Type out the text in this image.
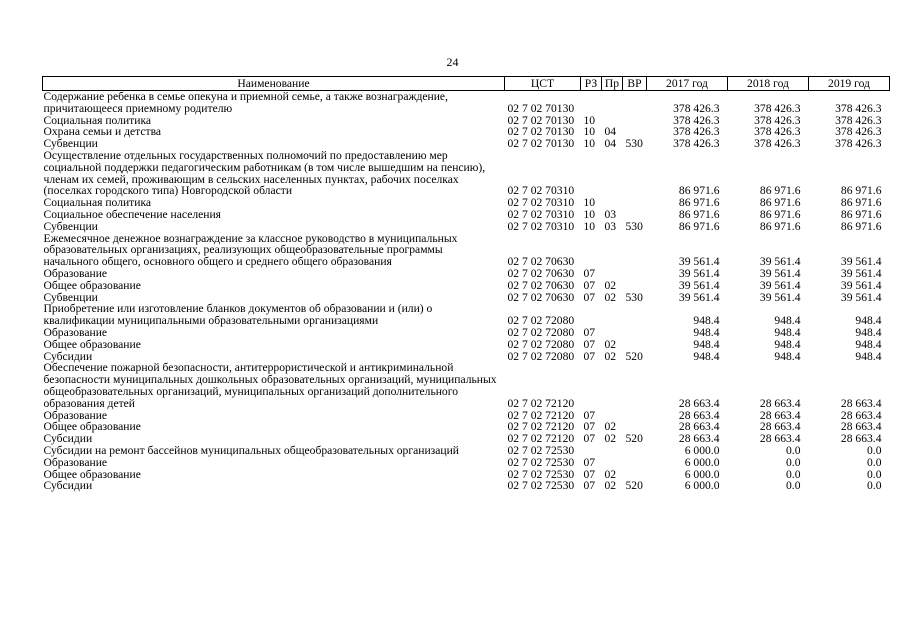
24
Наименование	ЦСТ	РЗ	Пр	ВР	2017 год	2018 год	2019 год
Содержание ребенка в семье опекуна и приемной семье, а также вознаграждение, причитающееся приемному родителю	02 7 02 70130				378 426.3	378 426.3	378 426.3
Социальная политика	02 7 02 70130	10			378 426.3	378 426.3	378 426.3
Охрана семьи и детства	02 7 02 70130	10	04		378 426.3	378 426.3	378 426.3
Субвенции	02 7 02 70130	10	04	530	378 426.3	378 426.3	378 426.3
Осуществление отдельных государственных полномочий по предоставлению мер социальной поддержки педагогическим работникам (в том числе вышедшим на пенсию), членам их семей, проживающим в сельских населенных пунктах, рабочих поселках (поселках городского типа) Новгородской области	02 7 02 70310				86 971.6	86 971.6	86 971.6
Социальная политика	02 7 02 70310	10			86 971.6	86 971.6	86 971.6
Социальное обеспечение населения	02 7 02 70310	10	03		86 971.6	86 971.6	86 971.6
Субвенции	02 7 02 70310	10	03	530	86 971.6	86 971.6	86 971.6
Ежемесячное денежное вознаграждение за классное руководство в муниципальных образовательных организациях, реализующих общеобразовательные программы начального общего, основного общего и среднего общего образования	02 7 02 70630				39 561.4	39 561.4	39 561.4
Образование	02 7 02 70630	07			39 561.4	39 561.4	39 561.4
Общее образование	02 7 02 70630	07	02		39 561.4	39 561.4	39 561.4
Субвенции	02 7 02 70630	07	02	530	39 561.4	39 561.4	39 561.4
Приобретение или изготовление бланков документов об образовании и (или) о квалификации муниципальными образовательными организациями	02 7 02 72080				948.4	948.4	948.4
Образование	02 7 02 72080	07			948.4	948.4	948.4
Общее образование	02 7 02 72080	07	02		948.4	948.4	948.4
Субсидии	02 7 02 72080	07	02	520	948.4	948.4	948.4
Обеспечение пожарной безопасности, антитеррористической и антикриминальной безопасности муниципальных дошкольных образовательных организаций, муниципальных общеобразовательных организаций, муниципальных организаций дополнительного образования детей	02 7 02 72120				28 663.4	28 663.4	28 663.4
Образование	02 7 02 72120	07			28 663.4	28 663.4	28 663.4
Общее образование	02 7 02 72120	07	02		28 663.4	28 663.4	28 663.4
Субсидии	02 7 02 72120	07	02	520	28 663.4	28 663.4	28 663.4
Субсидии на ремонт бассейнов муниципальных общеобразовательных организаций	02 7 02 72530				6 000.0	0.0	0.0
Образование	02 7 02 72530	07			6 000.0	0.0	0.0
Общее образование	02 7 02 72530	07	02		6 000.0	0.0	0.0
Субсидии	02 7 02 72530	07	02	520	6 000.0	0.0	0.0
